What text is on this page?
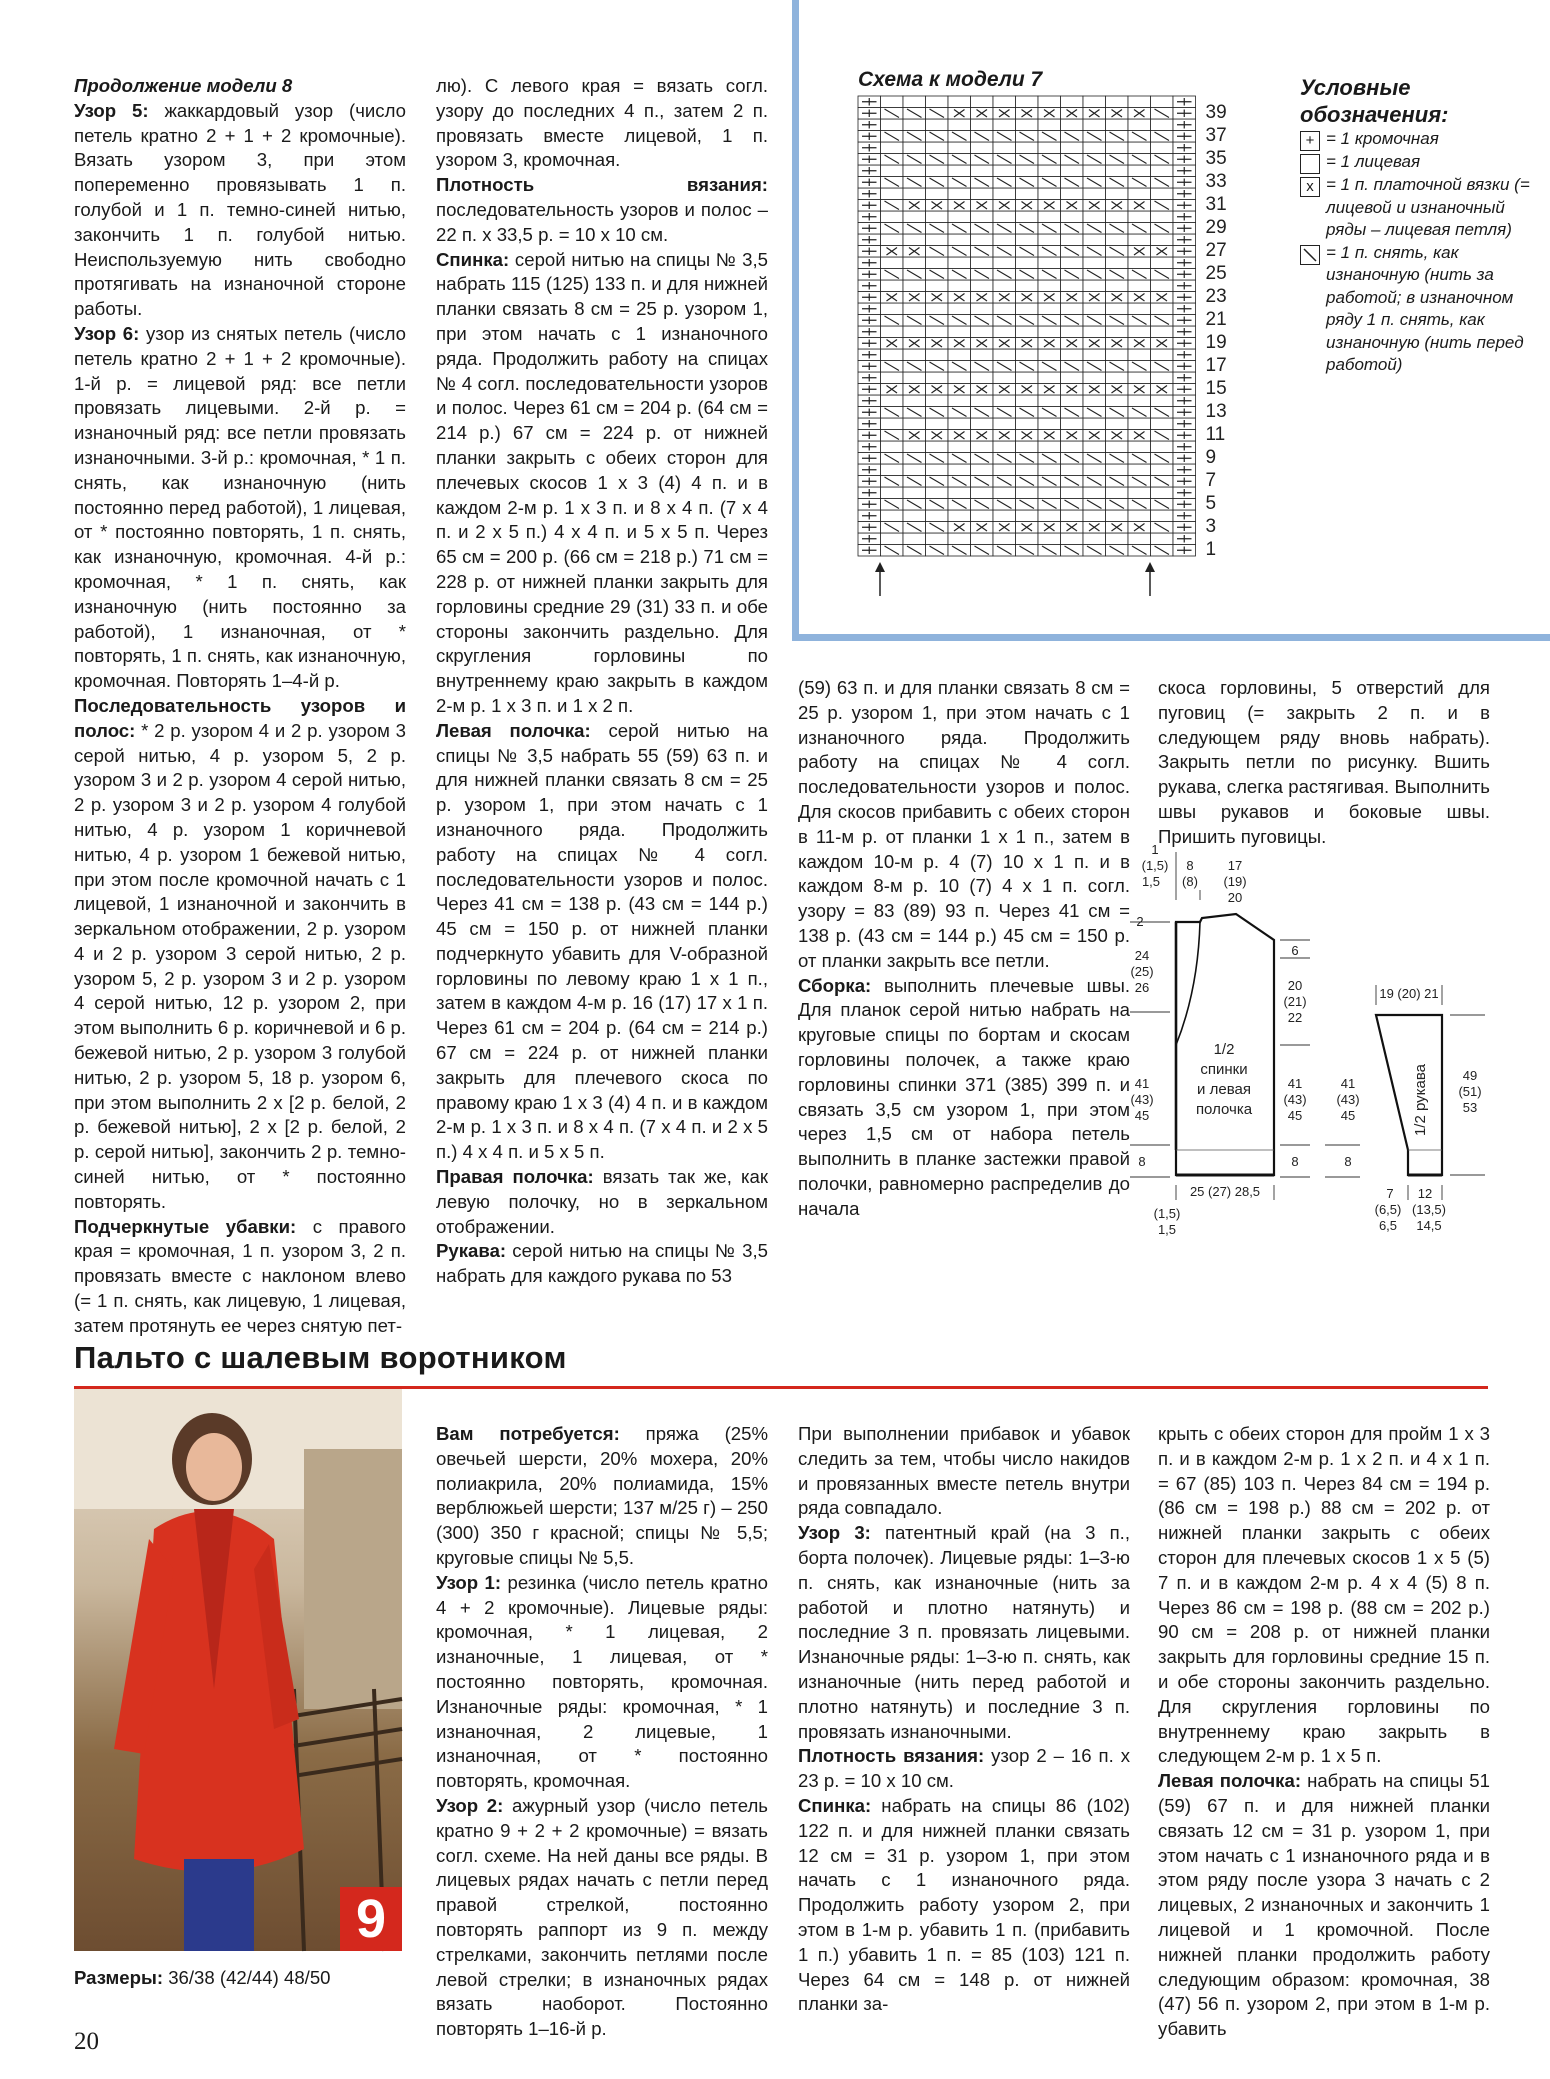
Продолжение модели 8

Узор 5: жаккардовый узор (число петель кратно 2 + 1 + 2 кромочные). Вязать узором 3, при этом попеременно провязывать 1 п. голубой и 1 п. темно-синей нитью, закончить 1 п. голубой нитью. Неиспользуемую нить свободно протягивать на изнаночной стороне работы.

Узор 6: узор из снятых петель (число петель кратно 2 + 1 + 2 кромочные). 1-й р. = лицевой ряд: все петли провязать лицевыми. 2-й р. = изнаночный ряд: все петли провязать изнаночными. 3-й р.: кромочная, * 1 п. снять, как изнаночную (нить постоянно перед работой), 1 лицевая, от * постоянно повторять, 1 п. снять, как изнаночную, кромочная. 4-й р.: кромочная, * 1 п. снять, как изнаночную (нить постоянно за работой), 1 изнаночная, от * повторять, 1 п. снять, как изнаночную, кромочная. Повторять 1–4-й р.

Последовательность узоров и полос: * 2 р. узором 4 и 2 р. узором 3 серой нитью, 4 р. узором 5, 2 р. узором 3 и 2 р. узором 4 серой нитью, 2 р. узором 3 и 2 р. узором 4 голубой нитью, 4 р. узором 1 коричневой нитью, 4 р. узором 1 бежевой нитью, при этом после кромочной начать с 1 лицевой, 1 изнаночной и закончить в зеркальном отображении, 2 р. узором 4 и 2 р. узором 3 серой нитью, 2 р. узором 5, 2 р. узором 3 и 2 р. узором 4 серой нитью, 12 р. узором 2, при этом выполнить 6 р. коричневой и 6 р. бежевой нитью, 2 р. узором 3 голубой нитью, 2 р. узором 5, 18 р. узором 6, при этом выполнить 2 х [2 р. белой, 2 р. бежевой нитью], 2 х [2 р. белой, 2 р. серой нитью], закончить 2 р. темно-синей нитью, от * постоянно повторять.

Подчеркнутые убавки: с правого края = кромочная, 1 п. узором 3, 2 п. провязать вместе с наклоном влево (= 1 п. снять, как лицевую, 1 лицевая, затем протянуть ее через снятую пет-

лю). С левого края = вязать согл. узору до последних 4 п., затем 2 п. провязать вместе лицевой, 1 п. узором 3, кромочная.

Плотность вязания: последовательность узоров и полос – 22 п. х 33,5 р. = 10 х 10 см.

Спинка: серой нитью на спицы № 3,5 набрать 115 (125) 133 п. и для нижней планки связать 8 см = 25 р. узором 1, при этом начать с 1 изнаночного ряда. Продолжить работу на спицах № 4 согл. последовательности узоров и полос. Через 61 см = 204 р. (64 см = 214 р.) 67 см = 224 р. от нижней планки закрыть с обеих сторон для плечевых скосов 1 х 3 (4) 4 п. и в каждом 2-м р. 1 х 3 п. и 8 х 4 п. (7 х 4 п. и 2 х 5 п.) 4 х 4 п. и 5 х 5 п. Через 65 см = 200 р. (66 см = 218 р.) 71 см = 228 р. от нижней планки закрыть для горловины средние 29 (31) 33 п. и обе стороны закончить раздельно. Для скругления горловины по внутреннему краю закрыть в каждом 2-м р. 1 х 3 п. и 1 х 2 п.

Левая полочка: серой нитью на спицы № 3,5 набрать 55 (59) 63 п. и для нижней планки связать 8 см = 25 р. узором 1, при этом начать с 1 изнаночного ряда. Продолжить работу на спицах № 4 согл. последовательности узоров и полос. Через 41 см = 138 р. (43 см = 144 р.) 45 см = 150 р. от нижней планки подчеркнуто убавить для V-образной горловины по левому краю 1 х 1 п., затем в каждом 4-м р. 16 (17) 17 х 1 п. Через 61 см = 204 р. (64 см = 214 р.) 67 см = 224 р. от нижней планки закрыть для плечевого скоса по правому краю 1 х 3 (4) 4 п. и в каждом 2-м р. 1 х 3 п. и 8 х 4 п. (7 х 4 п. и 2 х 5 п.) 4 х 4 п. и 5 х 5 п.

Правая полочка: вязать так же, как левую полочку, но в зеркальном отображении.

Рукава: серой нитью на спицы № 3,5 набрать для каждого рукава по 53

(59) 63 п. и для планки связать 8 см = 25 р. узором 1, при этом начать с 1 изнаночного ряда. Продолжить работу на спицах № 4 согл. последовательности узоров и полос. Для скосов прибавить с обеих сторон в 11-м р. от планки 1 х 1 п., затем в каждом 10-м р. 4 (7) 10 х 1 п. и в каждом 8-м р. 10 (7) 4 х 1 п. согл. узору = 83 (89) 93 п. Через 41 см = 138 р. (43 см = 144 р.) 45 см = 150 р. от планки закрыть все петли.

Сборка: выполнить плечевые швы. Для планок серой нитью набрать на круговые спицы по бортам и скосам горловины полочек, а также краю горловины спинки 371 (385) 399 п. и связать 3,5 см узором 1, при этом через 1,5 см от набора петель выполнить в планке застежки правой полочки, равномерно распределив до начала

скоса горловины, 5 отверстий для пуговиц (= закрыть 2 п. и в следующем ряду вновь набрать). Закрыть петли по рисунку. Вшить рукава, слегка растягивая. Выполнить швы рукавов и боковые швы. Пришить пуговицы.

Схема к модели 7
39
37
35
33
31
29
27
25
23
21
19
17
15
13
11
9
7
5
3
1
Условные обозначения:
+ = 1 кромочная
= 1 лицевая
x = 1 п. платочной вязки (= лицевой и изнаночный ряды – лицевая петля)
= 1 п. снять, как изнаночную (нить за работой; в изнаночном ряду 1 п. снять, как изнаночную (нить перед работой)
1/2
спинки
и левая
полочка	1/2 рукава
1
(1,5)
1,5
8
(8)
17
(19)
20
2
24
(25)
26
6
20
(21)
22
41
(43)
45
41
(43)
45
41
(43)
45
8	8	8
25 (27) 28,5
(1,5)
1,5
19 (20) 21
49
(51)
53
7
(6,5)
6,5
12
(13,5)
14,5
Пальто с шалевым воротником
9
Размеры: 36/38 (42/44) 48/50

Вам потребуется: пряжа (25% овечьей шерсти, 20% мохера, 20% полиакрила, 20% полиамида, 15% верблюжьей шерсти; 137 м/25 г) – 250 (300) 350 г красной; спицы № 5,5; круговые спицы № 5,5.

Узор 1: резинка (число петель кратно 4 + 2 кромочные). Лицевые ряды: кромочная, * 1 лицевая, 2 изнаночные, 1 лицевая, от * постоянно повторять, кромочная. Изнаночные ряды: кромочная, * 1 изнаночная, 2 лицевые, 1 изнаночная, от * постоянно повторять, кромочная.

Узор 2: ажурный узор (число петель кратно 9 + 2 + 2 кромочные) = вязать согл. схеме. На ней даны все ряды. В лицевых рядах начать с петли перед правой стрелкой, постоянно повторять раппорт из 9 п. между стрелками, закончить петлями после левой стрелки; в изнаночных рядах вязать наоборот. Постоянно повторять 1–16-й р.

При выполнении прибавок и убавок следить за тем, чтобы число накидов и провязанных вместе петель внутри ряда совпадало.

Узор 3: патентный край (на 3 п., борта полочек). Лицевые ряды: 1–3-ю п. снять, как изнаночные (нить за работой и плотно натянуть) и последние 3 п. провязать лицевыми. Изнаночные ряды: 1–3-ю п. снять, как изнаночные (нить перед работой и плотно натянуть) и последние 3 п. провязать изнаночными.

Плотность вязания: узор 2 – 16 п. х 23 р. = 10 х 10 см.

Спинка: набрать на спицы 86 (102) 122 п. и для нижней планки связать 12 см = 31 р. узором 1, при этом начать с 1 изнаночного ряда. Продолжить работу узором 2, при этом в 1-м р. убавить 1 п. (прибавить 1 п.) убавить 1 п. = 85 (103) 121 п. Через 64 см = 148 р. от нижней планки за-

крыть с обеих сторон для пройм 1 х 3 п. и в каждом 2-м р. 1 х 2 п. и 4 х 1 п. = 67 (85) 103 п. Через 84 см = 194 р. (86 см = 198 р.) 88 см = 202 р. от нижней планки закрыть с обеих сторон для плечевых скосов 1 х 5 (5) 7 п. и в каждом 2-м р. 4 х 4 (5) 8 п. Через 86 см = 198 р. (88 см = 202 р.) 90 см = 208 р. от нижней планки закрыть для горловины средние 15 п. и обе стороны закончить раздельно. Для скругления горловины по внутреннему краю закрыть в следующем 2-м р. 1 х 5 п.

Левая полочка: набрать на спицы 51 (59) 67 п. и для нижней планки связать 12 см = 31 р. узором 1, при этом начать с 1 изнаночного ряда и в этом ряду после узора 3 начать с 2 лицевых, 2 изнаночных и закончить 1 лицевой и 1 кромочной. После нижней планки продолжить работу следующим образом: кромочная, 38 (47) 56 п. узором 2, при этом в 1-м р. убавить

20
